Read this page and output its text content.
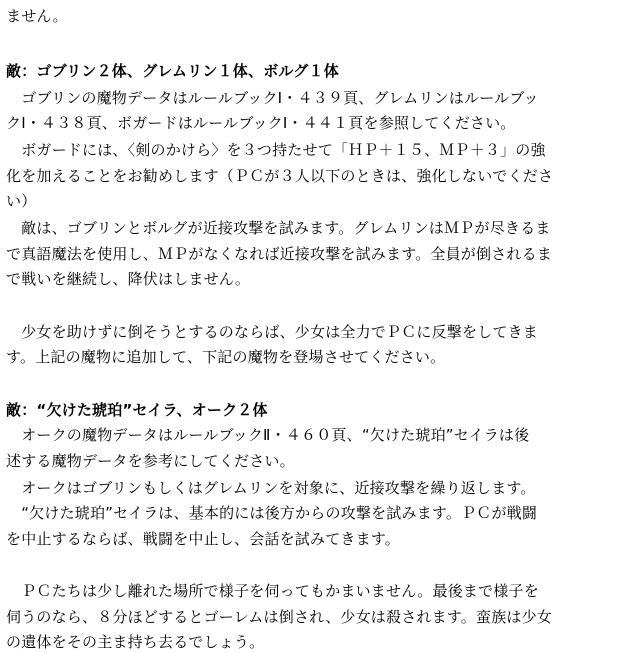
ません。
敵：ゴブリン２体、グレムリン１体、ボルグ１体
　ゴブリンの魔物データはルールブックⅠ・４３９頁、グレムリンはルールブッ
クⅠ・４３８頁、ボガードはルールブックⅠ・４４１頁を参照してください。
　ボガードには、〈剣のかけら〉を３つ持たせて「ＨＰ＋１５、ＭＰ＋３」の強
化を加えることをお勧めします（ＰＣが３人以下のときは、強化しないでくださ
い）
　敵は、ゴブリンとボルグが近接攻撃を試みます。グレムリンはＭＰが尽きるま
で真語魔法を使用し、ＭＰがなくなれば近接攻撃を試みます。全員が倒されるま
で戦いを継続し、降伏はしません。
　少女を助けずに倒そうとするのならば、少女は全力でＰＣに反撃をしてきま
す。上記の魔物に追加して、下記の魔物を登場させてください。
敵：“欠けた琥珀”セイラ、オーク２体
　オークの魔物データはルールブックⅡ・４６０頁、“欠けた琥珀”セイラは後
述する魔物データを参考にしてください。
　オークはゴブリンもしくはグレムリンを対象に、近接攻撃を繰り返します。
　“欠けた琥珀”セイラは、基本的には後方からの攻撃を試みます。ＰＣが戦闘
を中止するならば、戦闘を中止し、会話を試みてきます。
　ＰＣたちは少し離れた場所で様子を伺ってもかまいません。最後まで様子を
伺うのなら、８分ほどするとゴーレムは倒され、少女は殺されます。蛮族は少女
の遺体をその主ま持ち去るでしょう。
